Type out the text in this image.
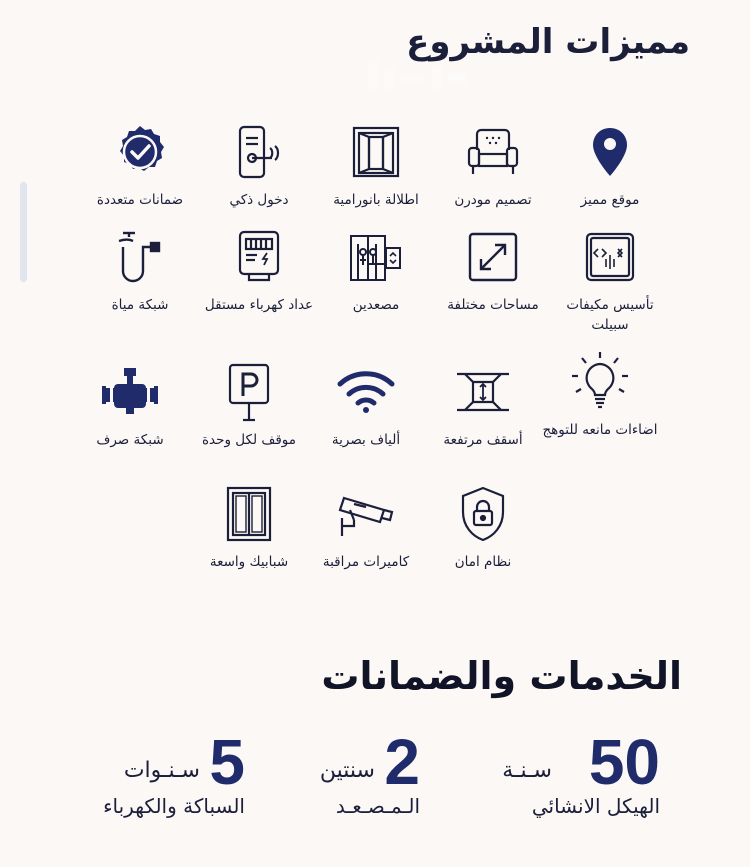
مميزات المشروع
موقع مميز
تصميم مودرن
اطلالة بانورامية
دخول ذكي
ضمانات متعددة
تأسيس مكيفات سبيلت
مساحات مختلفة
مصعدين
عداد كهرباء مستقل
شبكة مياة
اضاءات مانعه للتوهج
أسقف مرتفعة
ألياف بصرية
موقف لكل وحدة
شبكة صرف
نظام امان
كاميرات مراقبة
شبابيك واسعة
الخدمات والضمانات
50
سـنـة
الهيكل الانشائي
2
سنتين
الـمـصـعـد
5
سـنـوات
السباكة والكهرباء
